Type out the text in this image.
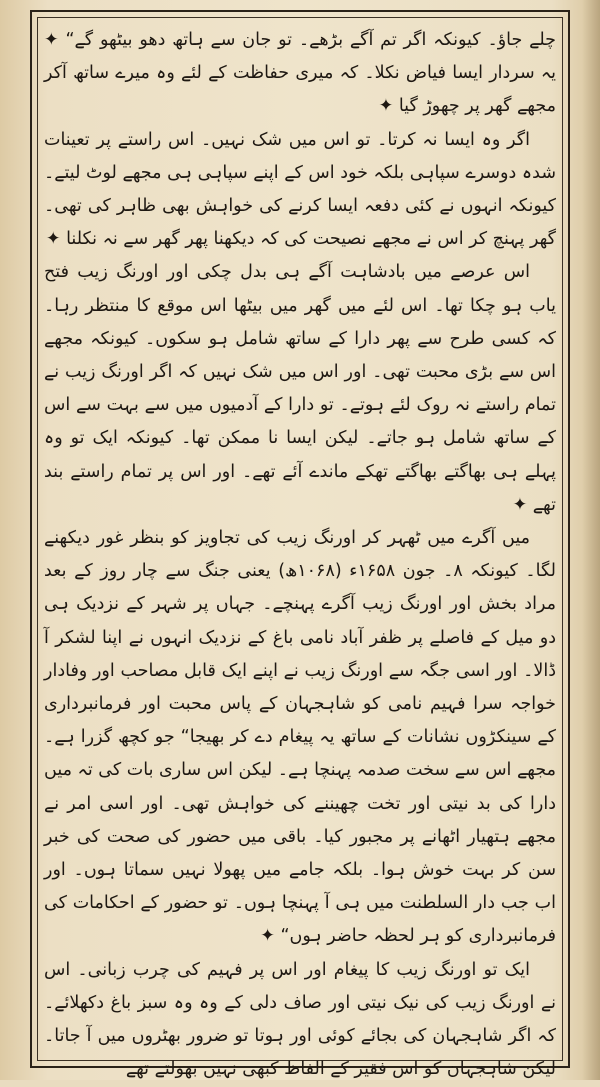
چلے جاؤ۔ کیونکہ اگر تم آگے بڑھے۔ تو جان سے ہاتھ دھو بیٹھو گے“ ✦ یہ سردار ایسا فیاض نکلا۔ کہ میری حفاظت کے لئے وہ میرے ساتھ آکر مجھے گھر پر چھوڑ گیا ✦

اگر وہ ایسا نہ کرتا۔ تو اس میں شک نہیں۔ اس راستے پر تعینات شدہ دوسرے سپاہی بلکہ خود اس کے اپنے سپاہی ہی مجھے لوٹ لیتے۔ کیونکہ انہوں نے کئی دفعہ ایسا کرنے کی خواہش بھی ظاہر کی تھی۔ گھر پہنچ کر اس نے مجھے نصیحت کی کہ دیکھنا پھر گھر سے نہ نکلنا ✦

اس عرصے میں بادشاہت آگے ہی بدل چکی اور اورنگ زیب فتح یاب ہو چکا تھا۔ اس لئے میں گھر میں بیٹھا اس موقع کا منتظر رہا۔ کہ کسی طرح سے پھر دارا کے ساتھ شامل ہو سکوں۔ کیونکہ مجھے اس سے بڑی محبت تھی۔ اور اس میں شک نہیں کہ اگر اورنگ زیب نے تمام راستے نہ روک لئے ہوتے۔ تو دارا کے آدمیوں میں سے بہت سے اس کے ساتھ شامل ہو جاتے۔ لیکن ایسا نا ممکن تھا۔ کیونکہ ایک تو وہ پہلے ہی بھاگتے بھاگتے تھکے ماندے آئے تھے۔ اور اس پر تمام راستے بند تھے ✦

میں آگرے میں ٹھہر کر اورنگ زیب کی تجاویز کو بنظر غور دیکھنے لگا۔ کیونکہ ۸۔ جون ۱۶۵۸ء (۱۰۶۸ھ) یعنی جنگ سے چار روز کے بعد مراد بخش اور اورنگ زیب آگرے پہنچے۔ جہاں پر شہر کے نزدیک ہی دو میل کے فاصلے پر ظفر آباد نامی باغ کے نزدیک انہوں نے اپنا لشکر آ ڈالا۔ اور اسی جگہ سے اورنگ زیب نے اپنے ایک قابل مصاحب اور وفادار خواجہ سرا فہیم نامی کو شاہجہان کے پاس محبت اور فرمانبرداری کے سینکڑوں نشانات کے ساتھ یہ پیغام دے کر بھیجا“ جو کچھ گزرا ہے۔ مجھے اس سے سخت صدمہ پہنچا ہے۔ لیکن اس ساری بات کی تہ میں دارا کی بد نیتی اور تخت چھیننے کی خواہش تھی۔ اور اسی امر نے مجھے ہتھیار اٹھانے پر مجبور کیا۔ باقی میں حضور کی صحت کی خبر سن کر بہت خوش ہوا۔ بلکہ جامے میں پھولا نہیں سماتا ہوں۔ اور اب جب دار السلطنت میں ہی آ پہنچا ہوں۔ تو حضور کے احکامات کی فرمانبرداری کو ہر لحظہ حاضر ہوں“ ✦

ایک تو اورنگ زیب کا پیغام اور اس پر فہیم کی چرب زبانی۔ اس نے اورنگ زیب کی نیک نیتی اور صاف دلی کے وہ وہ سبز باغ دکھلائے۔ کہ اگر شاہجہان کی بجائے کوئی اور ہوتا تو ضرور بھٹروں میں آ جاتا۔ لیکن شاہجہان کو اس فقیر کے الفاظ کبھی نہیں بھولتے تھے
